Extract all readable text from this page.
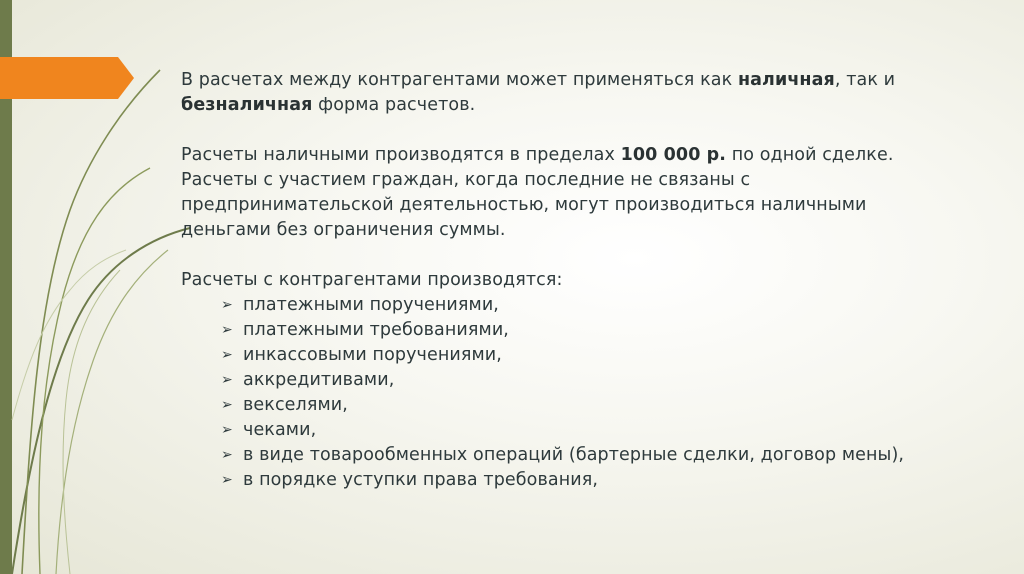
В расчетах между контрагентами может применяться как наличная, так и
безналичная форма расчетов.

Расчеты наличными производятся в пределах 100 000 р. по одной сделке.
Расчеты с участием граждан, когда последние не связаны с
предпринимательской деятельностью, могут производиться наличными
деньгами без ограничения суммы.

Расчеты с контрагентами производятся:

➢ платежными поручениями,
➢ платежными требованиями,
➢ инкассовыми поручениями,
➢ аккредитивами,
➢ векселями,
➢ чеками,
➢ в виде товарообменных операций (бартерные сделки, договор мены),
➢ в порядке уступки права требования,
